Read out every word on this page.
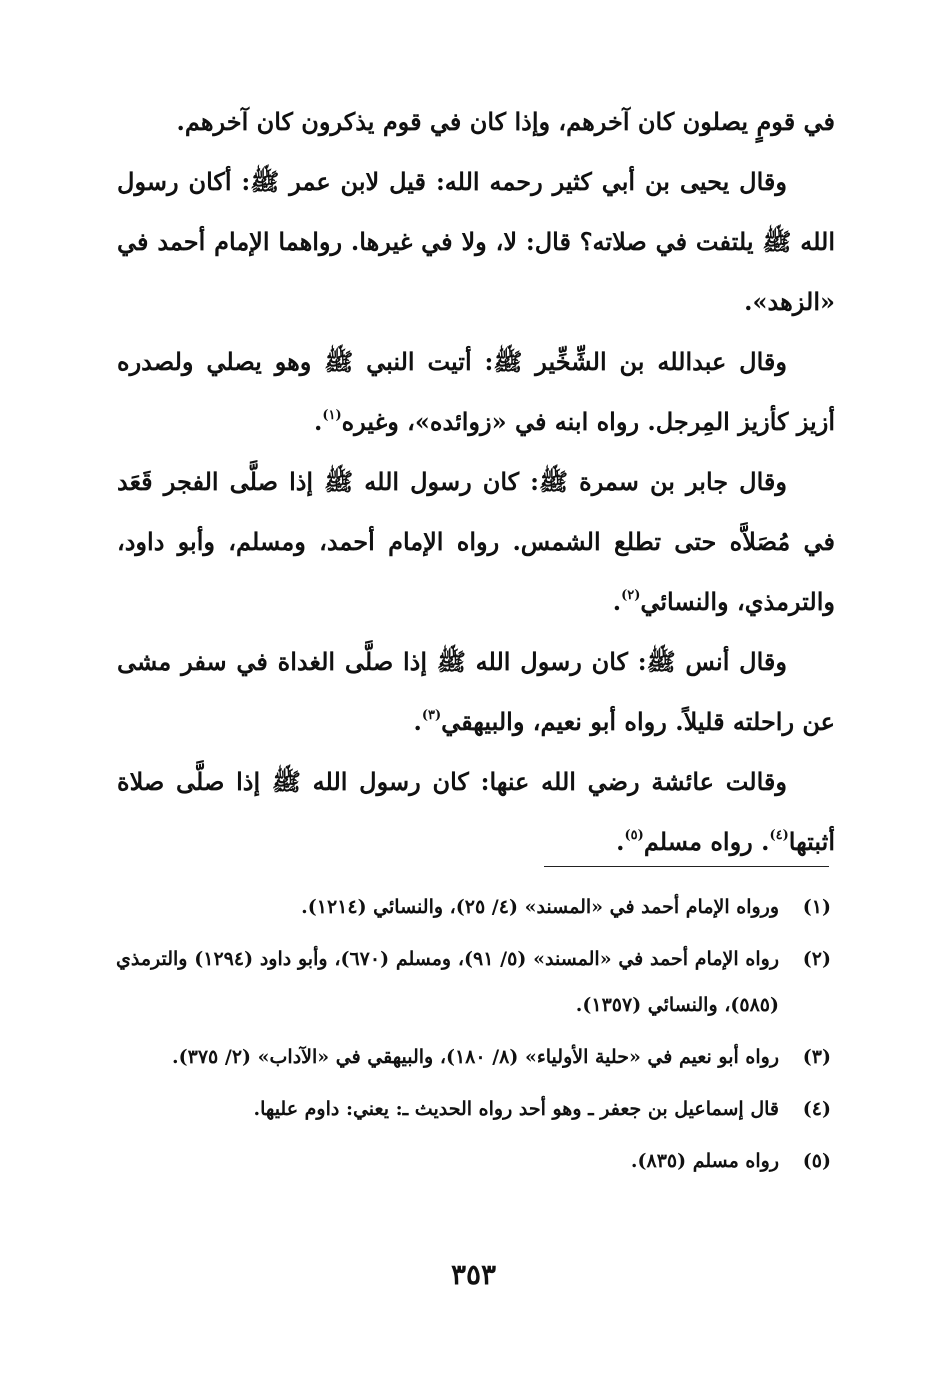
في قومٍ يصلون كان آخرهم، وإذا كان في قوم يذكرون كان آخرهم.

وقال يحيى بن أبي كثير رحمه الله: قيل لابن عمر ﷺ: أكان رسول الله ﷺ يلتفت في صلاته؟ قال: لا، ولا في غيرها. رواهما الإمام أحمد في «الزهد».

وقال عبدالله بن الشِّخِّير ﷺ: أتيت النبي ﷺ وهو يصلي ولصدره أزيز كأزيز المِرجل. رواه ابنه في «زوائده»، وغيره$^{(١)}$.

وقال جابر بن سمرة ﷺ: كان رسول الله ﷺ إذا صلَّى الفجر قَعَد في مُصَلاَّه حتى تطلع الشمس. رواه الإمام أحمد، ومسلم، وأبو داود، والترمذي، والنسائي$^{(٢)}$.

وقال أنس ﷺ: كان رسول الله ﷺ إذا صلَّى الغداة في سفر مشى عن راحلته قليلاً. رواه أبو نعيم، والبيهقي$^{(٣)}$.

وقالت عائشة رضي الله عنها: كان رسول الله ﷺ إذا صلَّى صلاة أثبتها$^{(٤)}$. رواه مسلم$^{(٥)}$.

(١)
ورواه الإمام أحمد في «المسند» (٤/ ٢٥)، والنسائي (١٢١٤).
(٢)
رواه الإمام أحمد في «المسند» (٥/ ٩١)، ومسلم (٦٧٠)، وأبو داود (١٢٩٤) والترمذي (٥٨٥)، والنسائي (١٣٥٧).
(٣)
رواه أبو نعيم في «حلية الأولياء» (٨/ ١٨٠)، والبيهقي في «الآداب» (٢/ ٣٧٥).
(٤)
قال إسماعيل بن جعفر ـ وهو أحد رواه الحديث ـ: يعني: داوم عليها.
(٥)
رواه مسلم (٨٣٥).
٣٥٣
